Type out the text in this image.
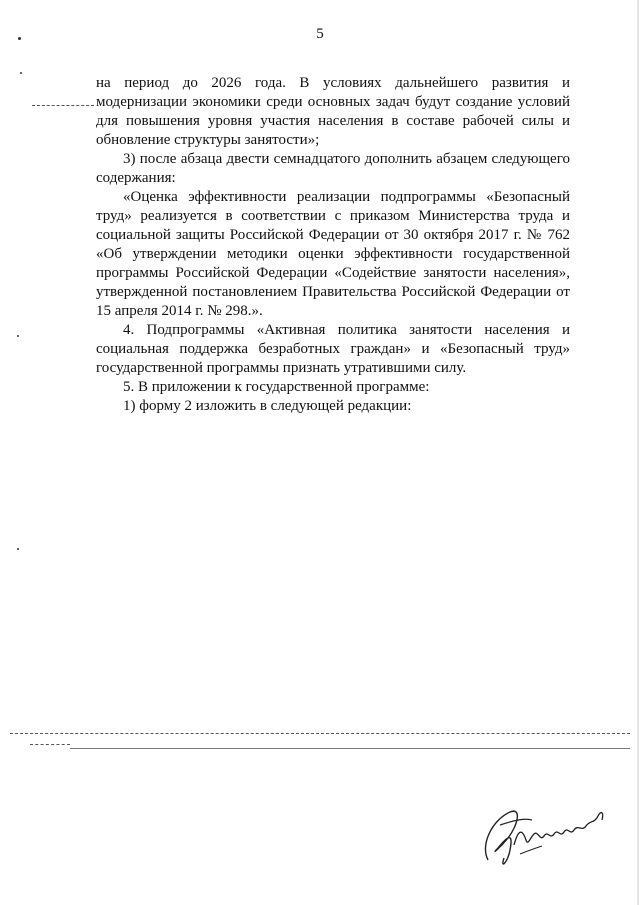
5

на период до 2026 года. В условиях дальнейшего развития и модернизации экономики среди основных задач будут создание условий для повышения уровня участия населения в составе рабочей силы и обновление структуры занятости»;

3) после абзаца двести семнадцатого дополнить абзацем следующего содержания:

«Оценка эффективности реализации подпрограммы «Безопасный труд» реализуется в соответствии с приказом Министерства труда и социальной защиты Российской Федерации от 30 октября 2017 г. № 762 «Об утверждении методики оценки эффективности государственной программы Российской Федерации «Содействие занятости населения», утвержденной постановлением Правительства Российской Федерации от 15 апреля 2014 г. № 298.».

4. Подпрограммы «Активная политика занятости населения и социальная поддержка безработных граждан» и «Безопасный труд» государственной программы признать утратившими силу.

5. В приложении к государственной программе:

1) форму 2 изложить в следующей редакции:
